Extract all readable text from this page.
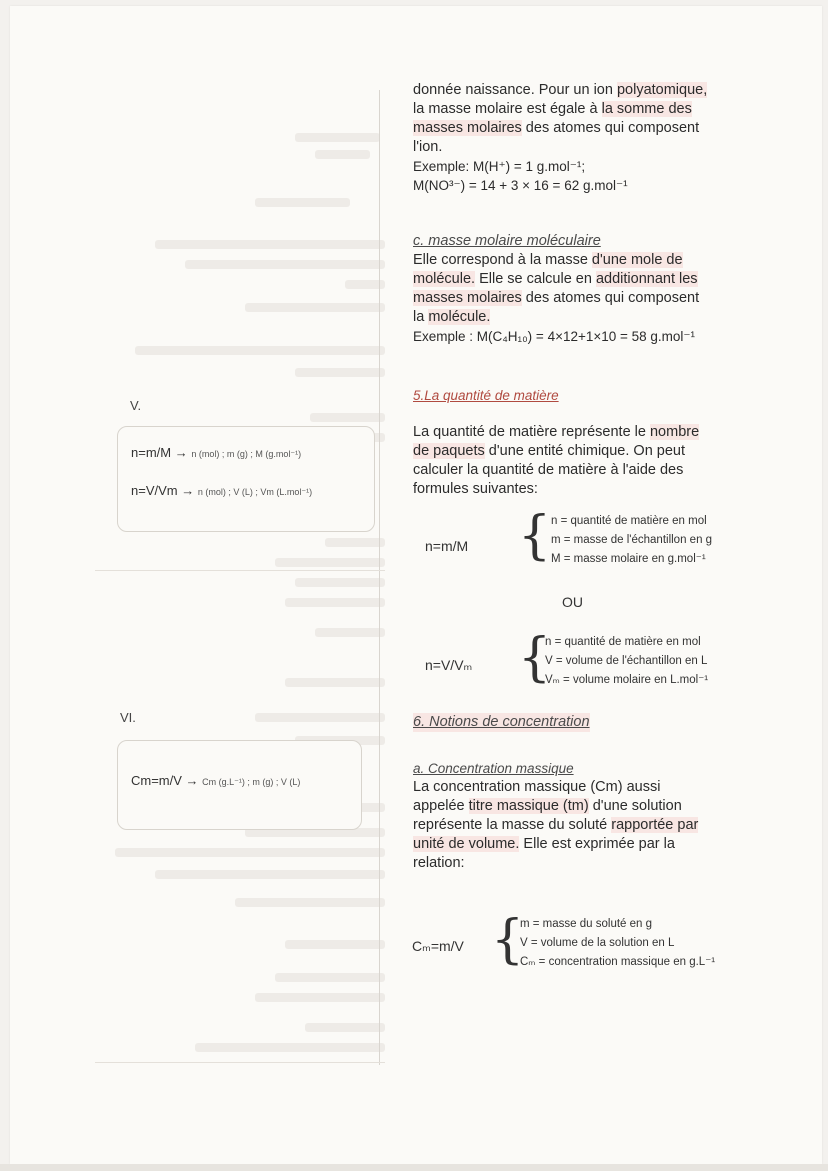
V.
n=m/M → n (mol) ; m (g) ; M (g.mol⁻¹)
n=V/Vm → n (mol) ; V (L) ; Vm (L.mol⁻¹)
VI.
Cm=m/V → Cm (g.L⁻¹) ; m (g) ; V (L)
donnée naissance. Pour un ion polyatomique,
la masse molaire est égale à la somme des
masses molaires des atomes qui composent
l'ion.
Exemple: M(H⁺) = 1 g.mol⁻¹;
M(NO³⁻) = 14 + 3 × 16 = 62 g.mol⁻¹
c. masse molaire moléculaire
Elle correspond à la masse d'une mole de
molécule. Elle se calcule en additionnant les
masses molaires des atomes qui composent
la molécule.
Exemple : M(C₄H₁₀) = 4×12+1×10 = 58 g.mol⁻¹
5.La quantité de matière
La quantité de matière représente le nombre
de paquets d'une entité chimique. On peut
calculer la quantité de matière à l'aide des
formules suivantes:
n=m/M { n = quantité de matière en mol
m = masse de l'échantillon en g
M = masse molaire en g.mol⁻¹
OU
n=V/Vₘ {
n = quantité de matière en mol
V = volume de l'échantillon en L
Vₘ = volume molaire en L.mol⁻¹
6. Notions de concentration
a. Concentration massique
La concentration massique (Cm) aussi
appelée titre massique (tm) d'une solution
représente la masse du soluté rapportée par
unité de volume. Elle est exprimée par la
relation:
Cₘ=m/V {
m = masse du soluté en g
V = volume de la solution en L
Cₘ = concentration massique en g.L⁻¹
